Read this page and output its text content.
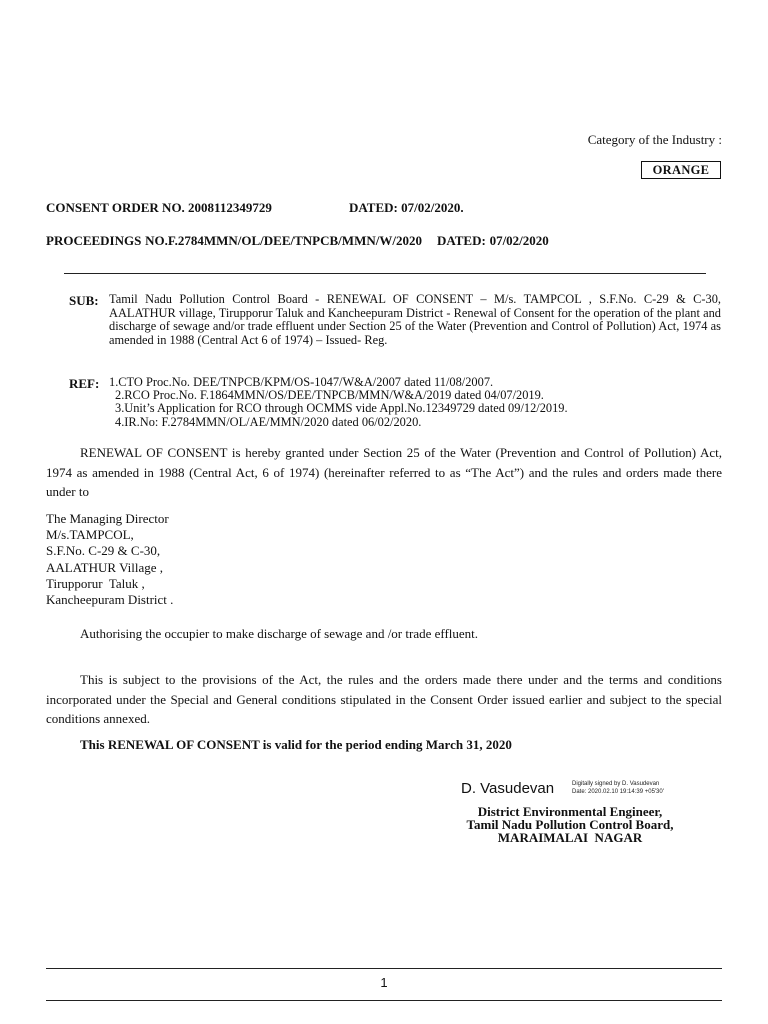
Category of the Industry :
ORANGE
CONSENT ORDER NO. 2008112349729	DATED: 07/02/2020.
PROCEEDINGS NO.F.2784MMN/OL/DEE/TNPCB/MMN/W/2020    DATED: 07/02/2020
SUB: Tamil Nadu Pollution Control Board - RENEWAL OF CONSENT – M/s. TAMPCOL , S.F.No. C-29 & C-30, AALATHUR village, Tirupporur Taluk and Kancheepuram District - Renewal of Consent for the operation of the plant and discharge of sewage and/or trade effluent under Section 25 of the Water (Prevention and Control of Pollution) Act, 1974 as amended in 1988 (Central Act 6 of 1974) – Issued- Reg.
REF: 1.CTO Proc.No. DEE/TNPCB/KPM/OS-1047/W&A/2007 dated 11/08/2007.
2.RCO Proc.No. F.1864MMN/OS/DEE/TNPCB/MMN/W&A/2019 dated 04/07/2019.
3.Unit’s Application for RCO through OCMMS vide Appl.No.12349729 dated 09/12/2019.
4.IR.No: F.2784MMN/OL/AE/MMN/2020 dated 06/02/2020.
RENEWAL OF CONSENT is hereby granted under Section 25 of the Water (Prevention and Control of Pollution) Act, 1974 as amended in 1988 (Central Act, 6 of 1974) (hereinafter referred to as “The Act”) and the rules and orders made there under to
The Managing Director
M/s.TAMPCOL,
S.F.No. C-29 & C-30,
AALATHUR Village ,
Tirupporur  Taluk ,
Kancheepuram District .
Authorising the occupier to make discharge of sewage and /or trade effluent.
This is subject to the provisions of the Act, the rules and the orders made there under and the terms and conditions incorporated under the Special and General conditions stipulated in the Consent Order issued earlier and subject to the special conditions annexed.
This RENEWAL OF CONSENT is valid for the period ending March 31, 2020
D. Vasudevan	Digitally signed by D. Vasudevan
Date: 2020.02.10 19:14:39 +05'30'
District Environmental Engineer,
Tamil Nadu Pollution Control Board,
MARAIMALAI  NAGAR
1
